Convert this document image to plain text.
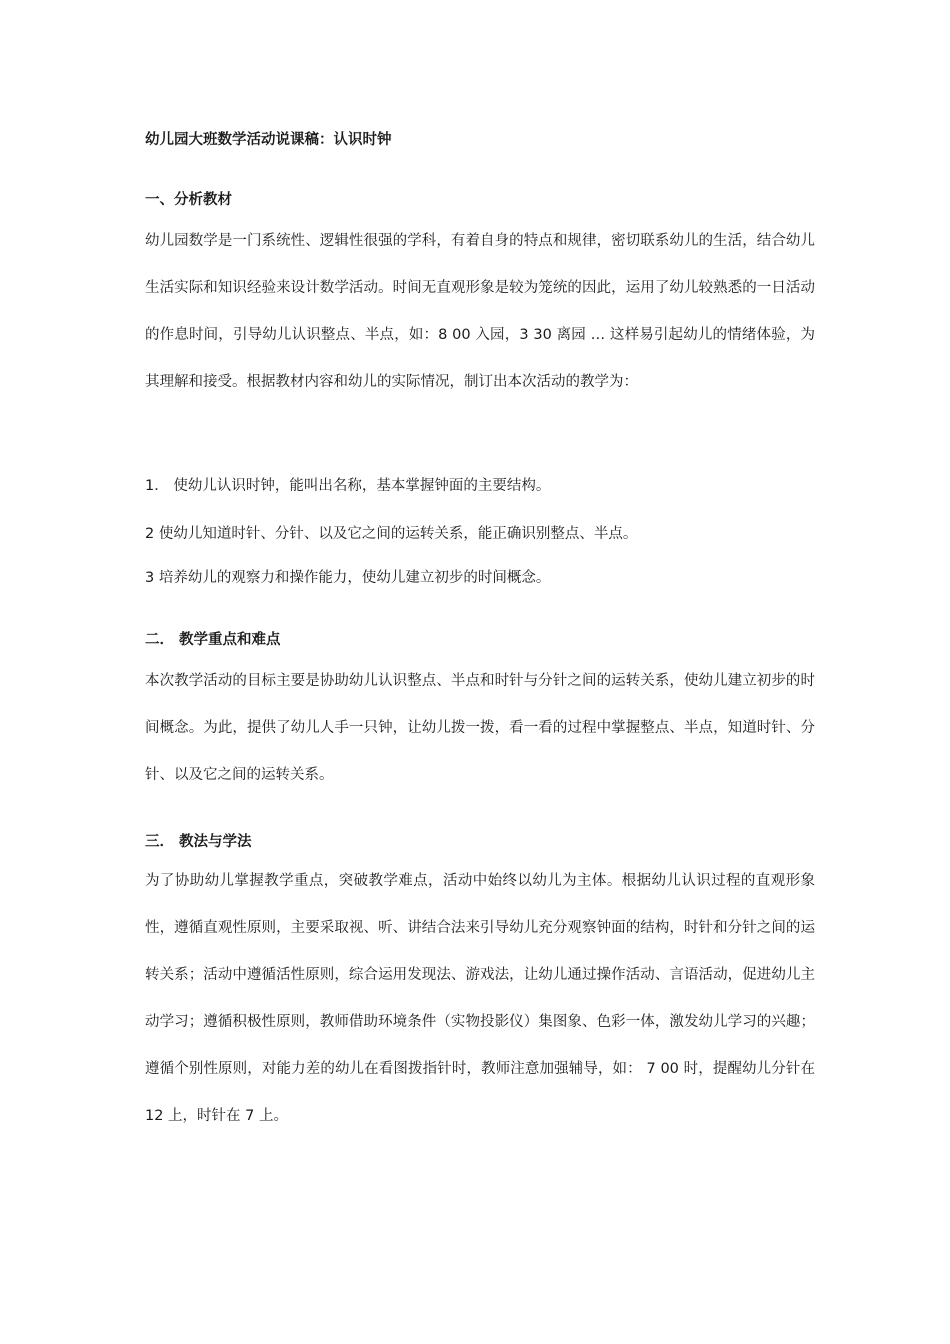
幼儿园大班数学活动说课稿：认识时钟
一、分析教材

幼儿园数学是一门系统性、逻辑性很强的学科，有着自身的特点和规律，密切联系幼儿的生活，结合幼儿生活实际和知识经验来设计数学活动。时间无直观形象是较为笼统的因此，运用了幼儿较熟悉的一日活动的作息时间，引导幼儿认识整点、半点，如：8 00 入园，3 30 离园 … 这样易引起幼儿的情绪体验，为其理解和接受。根据教材内容和幼儿的实际情况，制订出本次活动的教学为：

1． 使幼儿认识时钟，能叫出名称，基本掌握钟面的主要结构。
2 使幼儿知道时针、分针、以及它之间的运转关系，能正确识别整点、半点。
3 培养幼儿的观察力和操作能力，使幼儿建立初步的时间概念。
二． 教学重点和难点

本次教学活动的目标主要是协助幼儿认识整点、半点和时针与分针之间的运转关系，使幼儿建立初步的时间概念。为此，提供了幼儿人手一只钟，让幼儿拨一拨，看一看的过程中掌握整点、半点，知道时针、分针、以及它之间的运转关系。

三． 教法与学法

为了协助幼儿掌握教学重点，突破教学难点，活动中始终以幼儿为主体。根据幼儿认识过程的直观形象性，遵循直观性原则，主要采取视、听、讲结合法来引导幼儿充分观察钟面的结构，时针和分针之间的运转关系；活动中遵循活性原则，综合运用发现法、游戏法，让幼儿通过操作活动、言语活动，促进幼儿主动学习；遵循积极性原则，教师借助环境条件（实物投影仪）集图象、色彩一体，激发幼儿学习的兴趣；遵循个别性原则，对能力差的幼儿在看图拨指针时，教师注意加强辅导，如： 7 00 时，提醒幼儿分针在 12 上，时针在 7 上。
